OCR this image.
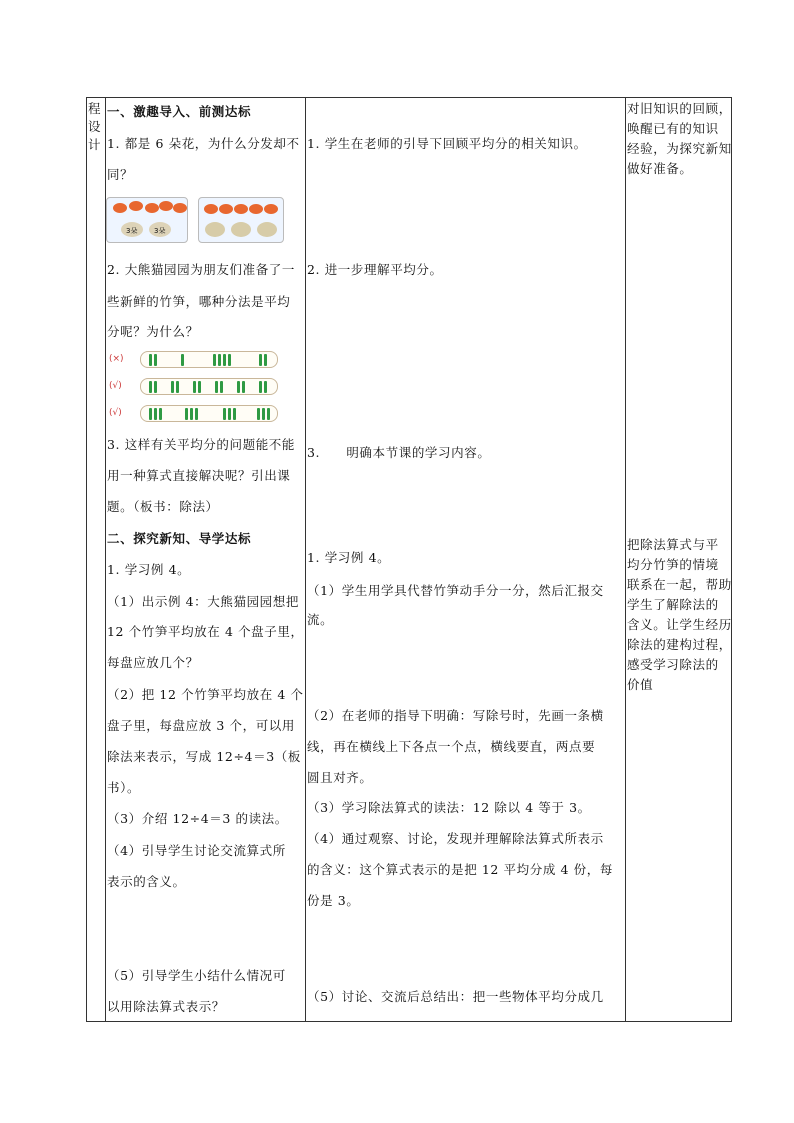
程
设
计
一、激趣导入、前测达标
1. 都是 6 朵花，为什么分发却不
同？
3朵 3朵
2. 大熊猫园园为朋友们准备了一
些新鲜的竹笋，哪种分法是平均
分呢？为什么？
(×)
(√)
(√)
3. 这样有关平均分的问题能不能
用一种算式直接解决呢？引出课
题。（板书：除法）
二、探究新知、导学达标
1. 学习例 4。
（1）出示例 4：大熊猫园园想把
12 个竹笋平均放在 4 个盘子里，
每盘应放几个？
（2）把 12 个竹笋平均放在 4 个
盘子里，每盘应放 3 个，可以用
除法来表示，写成 12÷4＝3（板
书）。
（3）介绍 12÷4＝3 的读法。
（4）引导学生讨论交流算式所
表示的含义。
（5）引导学生小结什么情况可
以用除法算式表示？
1. 学生在老师的引导下回顾平均分的相关知识。
2. 进一步理解平均分。
3.　　明确本节课的学习内容。
1. 学习例 4。
（1）学生用学具代替竹笋动手分一分，然后汇报交
流。
（2）在老师的指导下明确：写除号时，先画一条横
线，再在横线上下各点一个点，横线要直，两点要
圆且对齐。
（3）学习除法算式的读法：12 除以 4 等于 3。
（4）通过观察、讨论，发现并理解除法算式所表示
的含义：这个算式表示的是把 12 平均分成 4 份，每
份是 3。
（5）讨论、交流后总结出：把一些物体平均分成几
对旧知识的回顾，
唤醒已有的知识
经验，为探究新知
做好准备。
把除法算式与平
均分竹笋的情境
联系在一起，帮助
学生了解除法的
含义。让学生经历
除法的建构过程，
感受学习除法的
价值
